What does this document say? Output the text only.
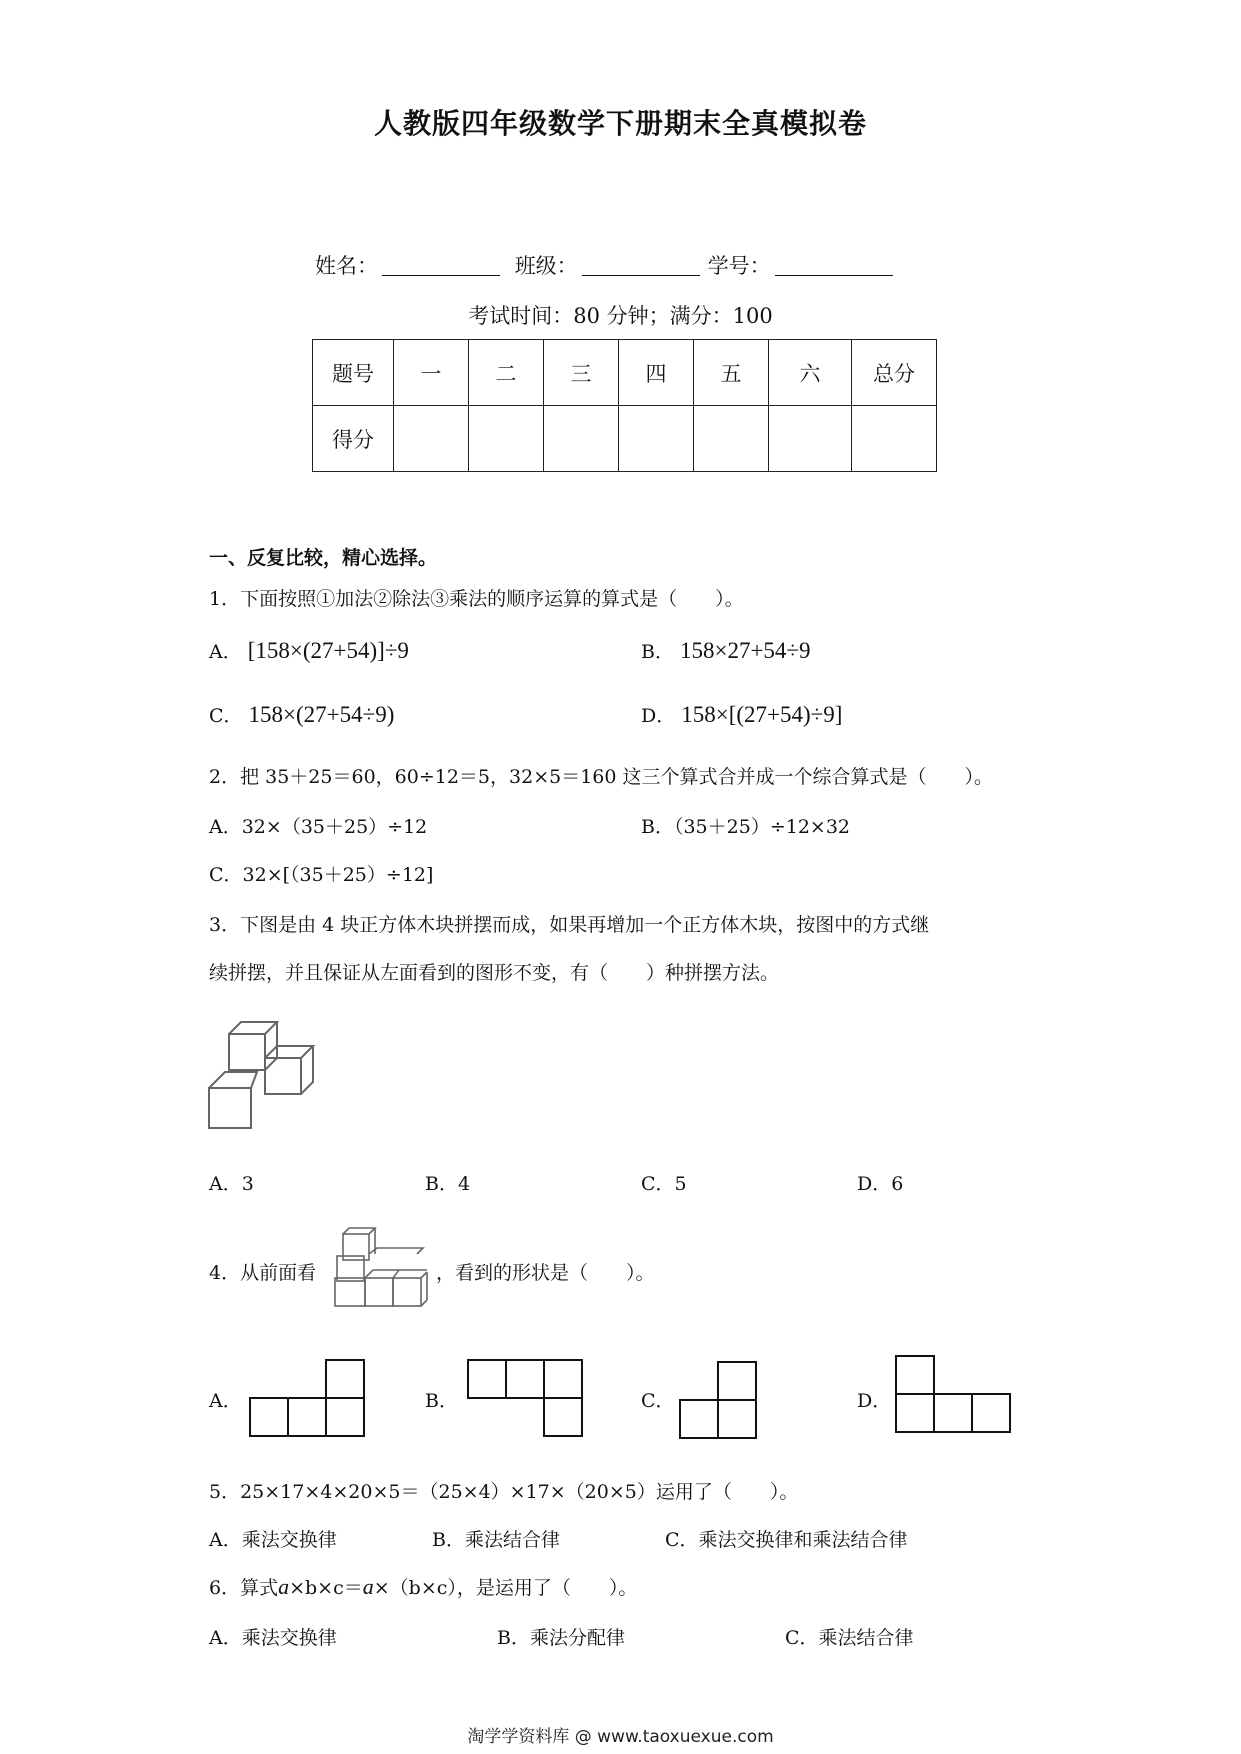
人教版四年级数学下册期末全真模拟卷
姓名：	班级：	学号：
考试时间：80 分钟；满分：100
题号	一	二	三	四	五	六	总分
得分							
一、反复比较，精心选择。
1．下面按照①加法②除法③乘法的顺序运算的算式是（　　）。
A． [158×(27+54)]÷9	B． 158×27+54÷9
C． 158×(27+54÷9)	D． 158×[(27+54)÷9]
2．把 35＋25＝60，60÷12＝5，32×5＝160 这三个算式合并成一个综合算式是（　　）。
A．32×（35＋25）÷12	B．（35＋25）÷12×32
C．32×[（35＋25）÷12]
3．下图是由 4 块正方体木块拼摆而成，如果再增加一个正方体木块，按图中的方式继
续拼摆，并且保证从左面看到的图形不变，有（　　）种拼摆方法。
A．3	B．4	C．5	D．6
4．从前面看	，看到的形状是（　　）。
A．	B．	C．	D．
5．25×17×4×20×5＝（25×4）×17×（20×5）运用了（　　）。
A．乘法交换律	B．乘法结合律	C．乘法交换律和乘法结合律
6．算式a×b×c＝a×（b×c），是运用了（　　）。
A．乘法交换律	B．乘法分配律	C．乘法结合律
淘学学资料库 @ www.taoxuexue.com
